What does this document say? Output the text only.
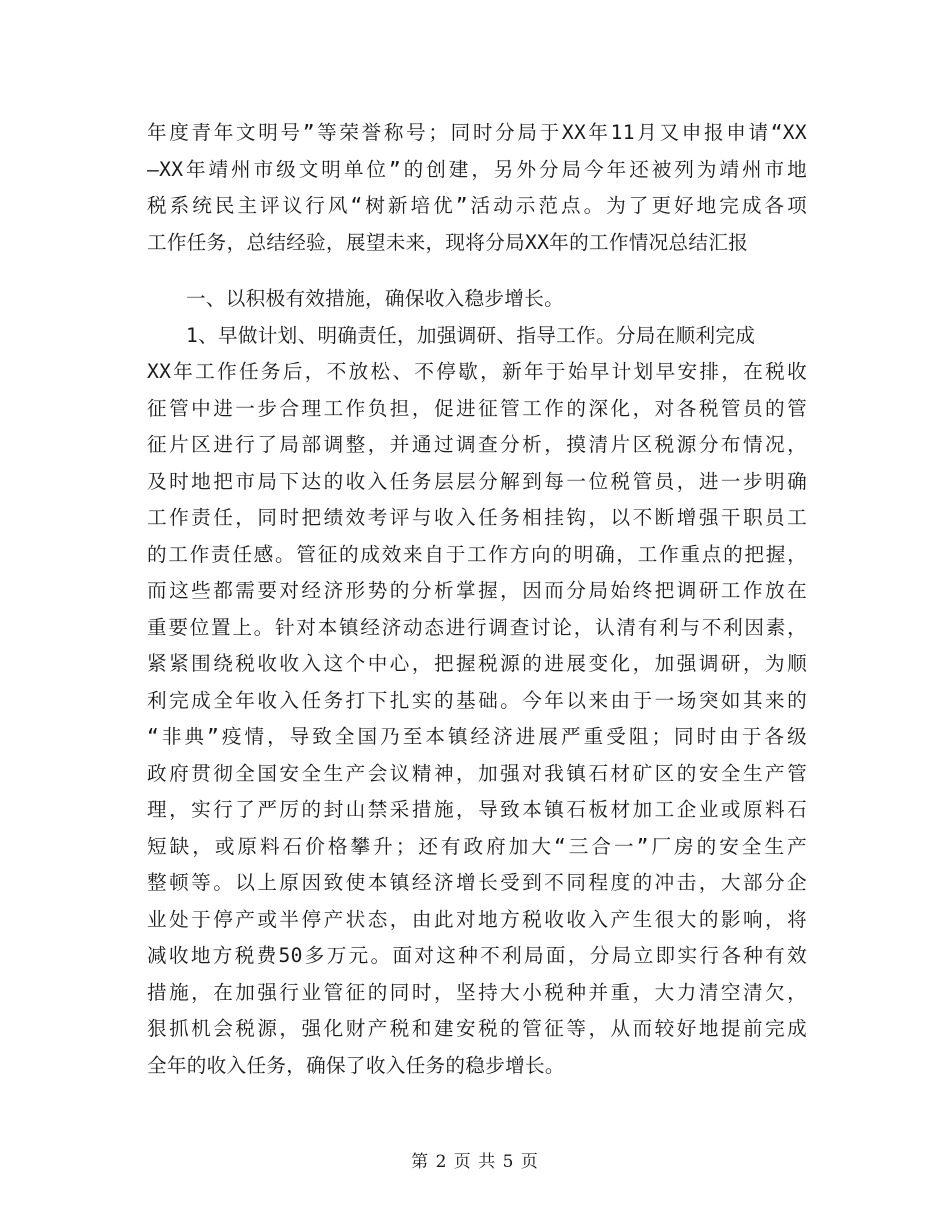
年度青年文明号”等荣誉称号；同时分局于XX年11月又申报申请“XX
—XX年靖州市级文明单位”的创建，另外分局今年还被列为靖州市地
税系统民主评议行风“树新培优”活动示范点。为了更好地完成各项
工作任务，总结经验，展望未来，现将分局XX年的工作情况总结汇报
一、以积极有效措施，确保收入稳步增长。
1、早做计划、明确责任，加强调研、指导工作。分局在顺利完成
XX年工作任务后，不放松、不停歇，新年于始早计划早安排，在税收
征管中进一步合理工作负担，促进征管工作的深化，对各税管员的管
征片区进行了局部调整，并通过调查分析，摸清片区税源分布情况，
及时地把市局下达的收入任务层层分解到每一位税管员，进一步明确
工作责任，同时把绩效考评与收入任务相挂钩，以不断增强干职员工
的工作责任感。管征的成效来自于工作方向的明确，工作重点的把握，
而这些都需要对经济形势的分析掌握，因而分局始终把调研工作放在
重要位置上。针对本镇经济动态进行调查讨论，认清有利与不利因素，
紧紧围绕税收收入这个中心，把握税源的进展变化，加强调研，为顺
利完成全年收入任务打下扎实的基础。今年以来由于一场突如其来的
“非典”疫情，导致全国乃至本镇经济进展严重受阻；同时由于各级
政府贯彻全国安全生产会议精神，加强对我镇石材矿区的安全生产管
理，实行了严厉的封山禁采措施，导致本镇石板材加工企业或原料石
短缺，或原料石价格攀升；还有政府加大“三合一”厂房的安全生产
整顿等。以上原因致使本镇经济增长受到不同程度的冲击，大部分企
业处于停产或半停产状态，由此对地方税收收入产生很大的影响，将
减收地方税费50多万元。面对这种不利局面，分局立即实行各种有效
措施，在加强行业管征的同时，坚持大小税种并重，大力清空清欠，
狠抓机会税源，强化财产税和建安税的管征等，从而较好地提前完成
全年的收入任务，确保了收入任务的稳步增长。
第 2 页 共 5 页
